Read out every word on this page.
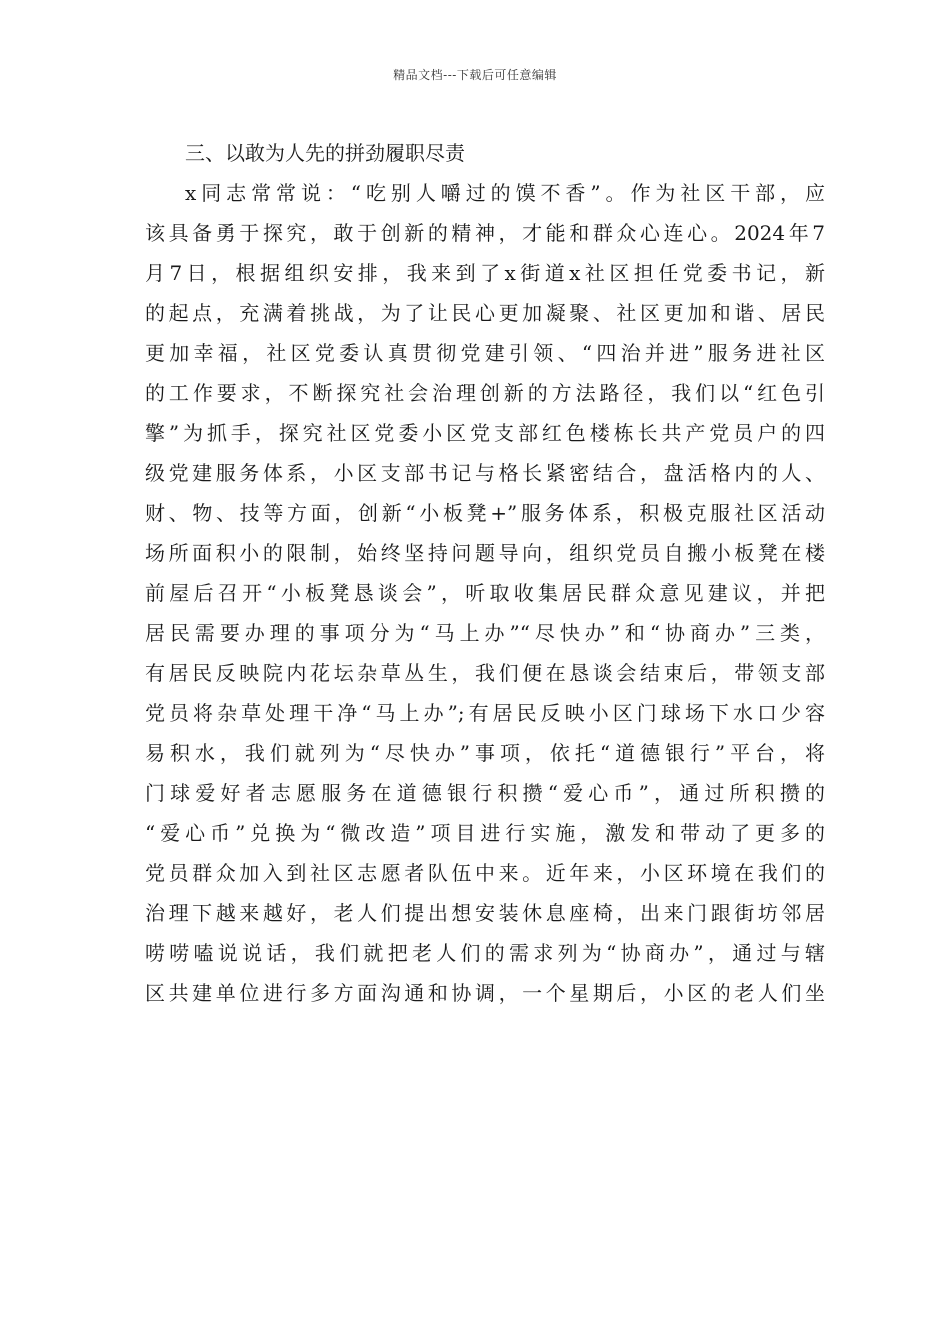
精品文档---下载后可任意编辑

三、以敢为人先的拼劲履职尽责

x同志常常说：“吃别人嚼过的馍不香”。作为社区干部，应
该具备勇于探究，敢于创新的精神，才能和群众心连心。2024年7
月7日，根据组织安排，我来到了x街道x社区担任党委书记，新
的起点，充满着挑战，为了让民心更加凝聚、社区更加和谐、居民
更加幸福，社区党委认真贯彻党建引领、“四治并进”服务进社区
的工作要求，不断探究社会治理创新的方法路径，我们以“红色引
擎”为抓手，探究社区党委小区党支部红色楼栋长共产党员户的四
级党建服务体系，小区支部书记与格长紧密结合，盘活格内的人、
财、物、技等方面，创新“小板凳+”服务体系，积极克服社区活动
场所面积小的限制，始终坚持问题导向，组织党员自搬小板凳在楼
前屋后召开“小板凳恳谈会”，听取收集居民群众意见建议，并把
居民需要办理的事项分为“马上办”“尽快办”和“协商办”三类，
有居民反映院内花坛杂草丛生，我们便在恳谈会结束后，带领支部
党员将杂草处理干净“马上办”;有居民反映小区门球场下水口少容
易积水，我们就列为“尽快办”事项，依托“道德银行”平台，将
门球爱好者志愿服务在道德银行积攒“爱心币”，通过所积攒的
“爱心币”兑换为“微改造”项目进行实施，激发和带动了更多的
党员群众加入到社区志愿者队伍中来。近年来，小区环境在我们的
治理下越来越好，老人们提出想安装休息座椅，出来门跟街坊邻居
唠唠嗑说说话，我们就把老人们的需求列为“协商办”，通过与辖
区共建单位进行多方面沟通和协调，一个星期后，小区的老人们坐
